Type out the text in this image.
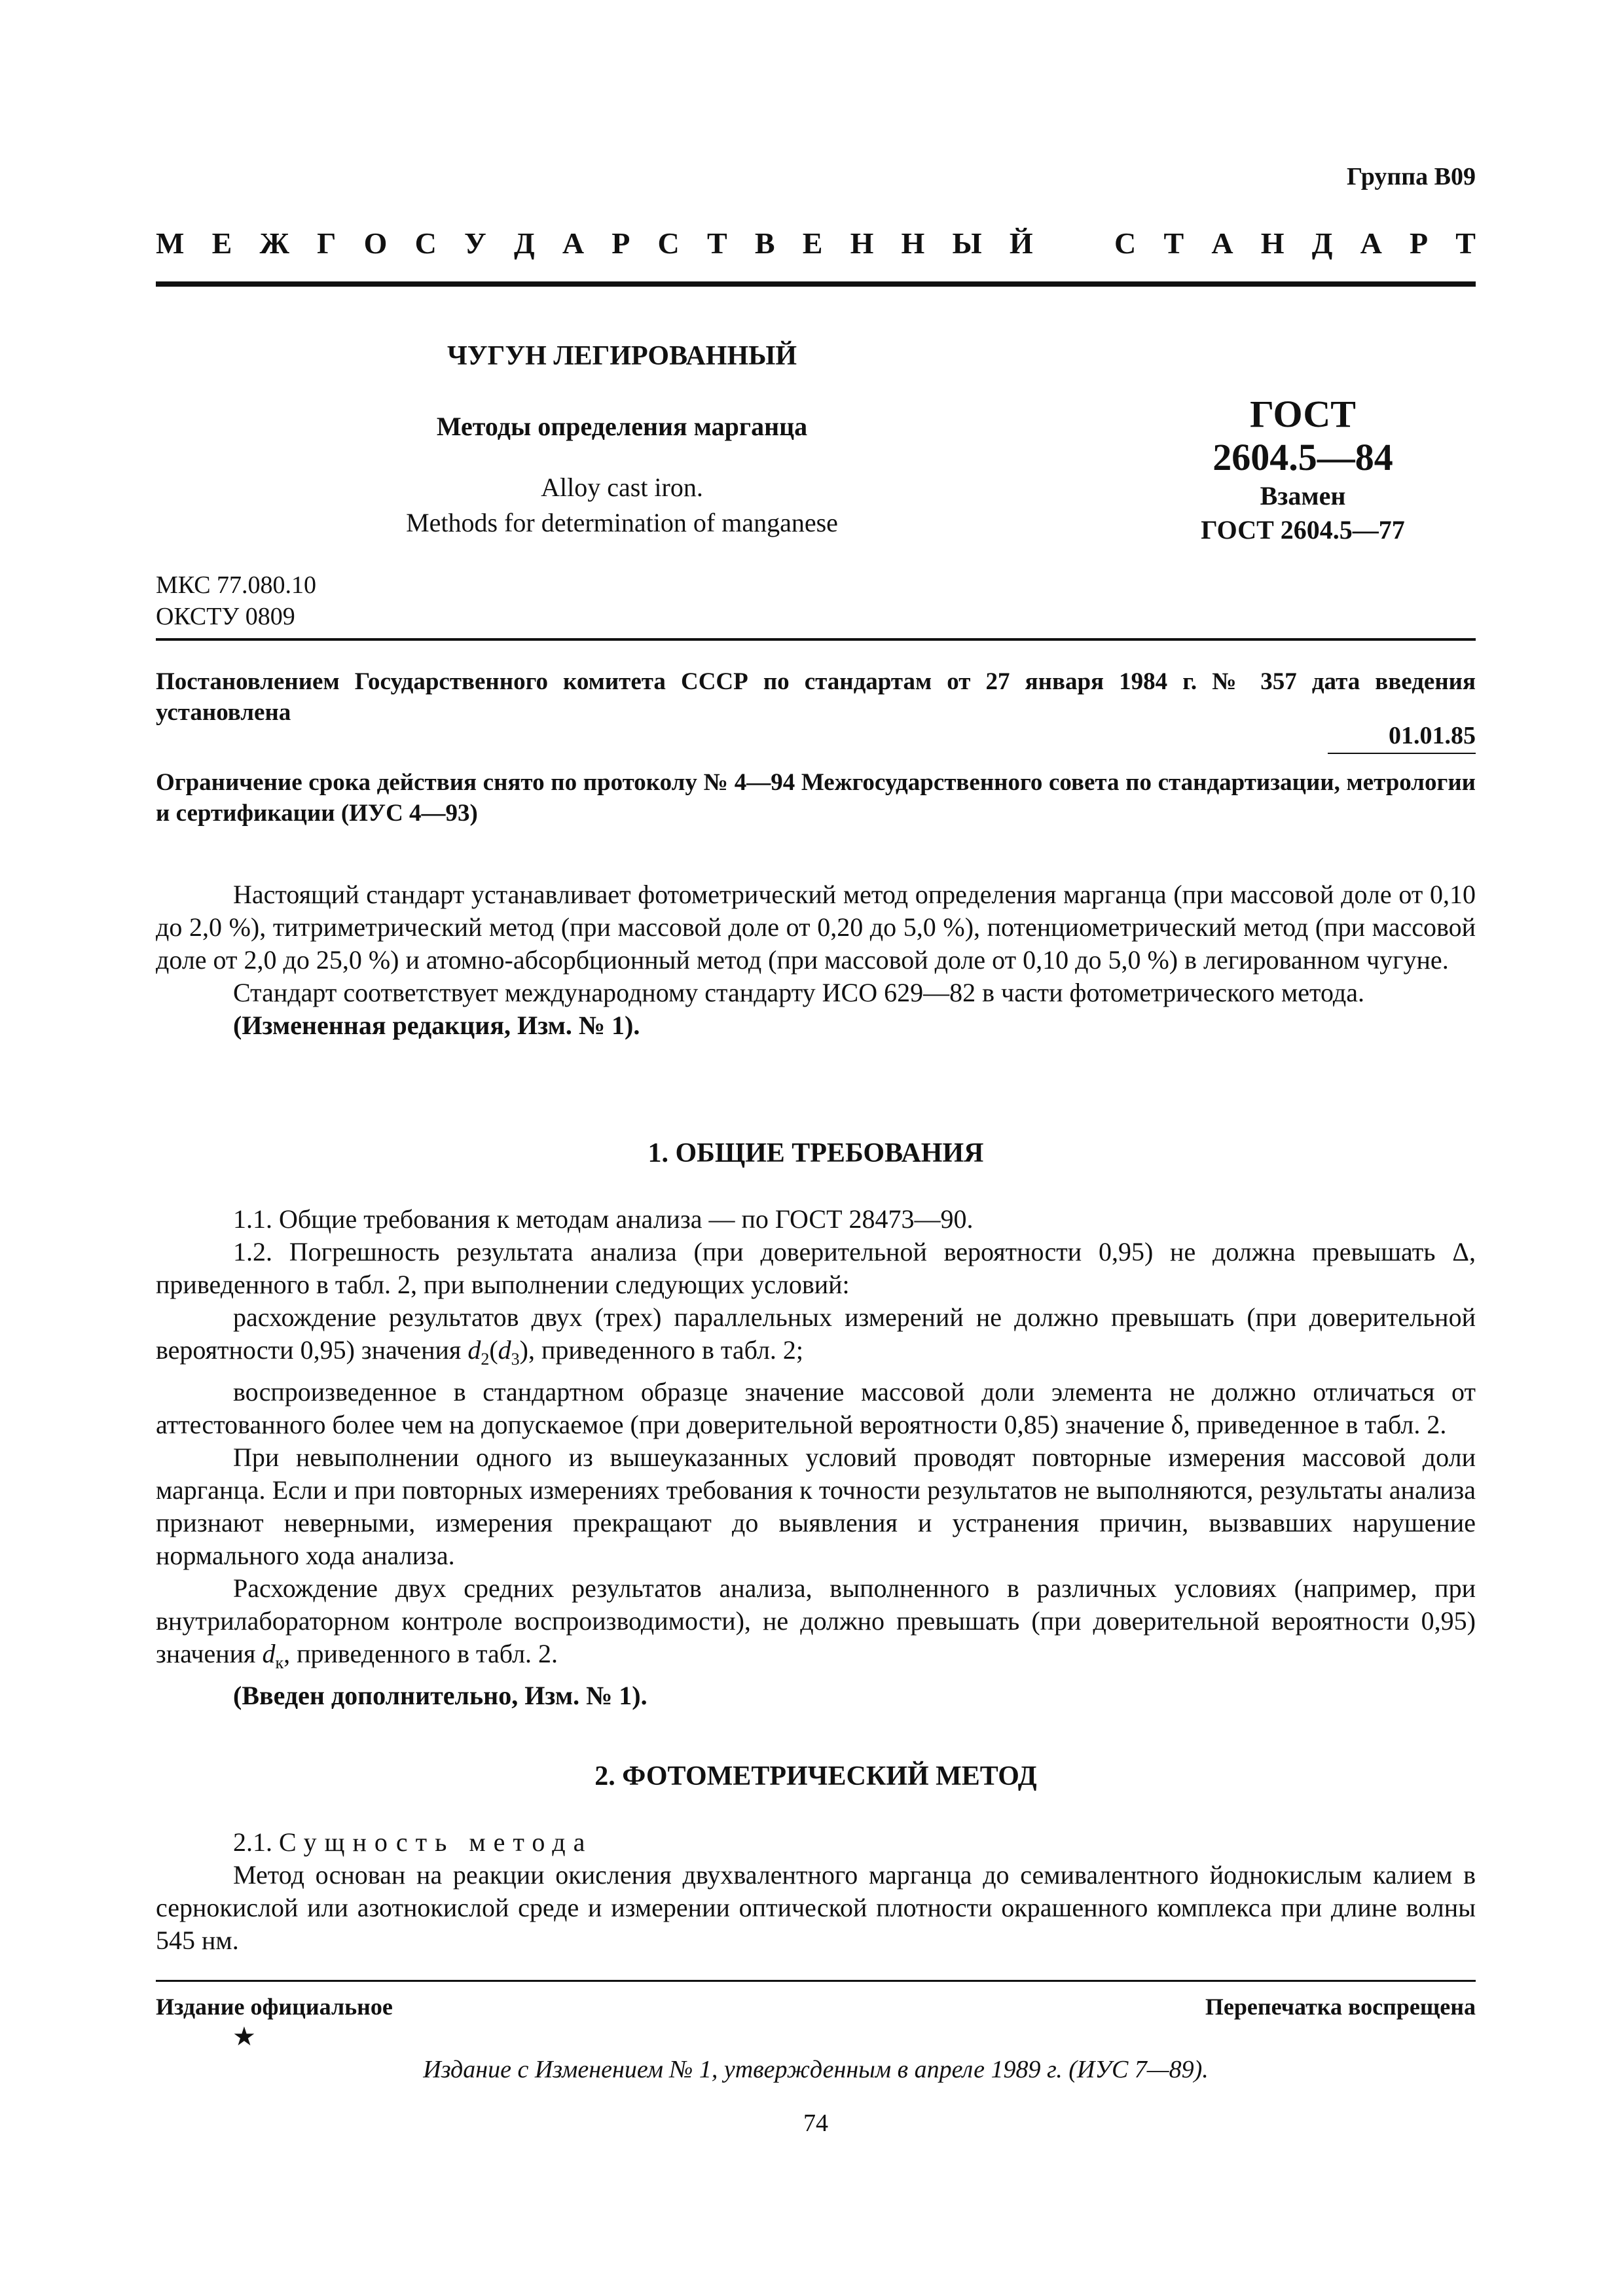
Группа В09
М Е Ж Г О С У Д А Р С Т В Е Н Н Ы Й	С Т А Н Д А Р Т
ЧУГУН ЛЕГИРОВАННЫЙ
Методы определения марганца
Alloy cast iron.
Methods for determination of manganese
ГОСТ
2604.5—84
Взамен
ГОСТ 2604.5—77
МКС 77.080.10
ОКСТУ 0809
Постановлением Государственного комитета СССР по стандартам от 27 января 1984 г. № 357 дата введения установлена
01.01.85
Ограничение срока действия снято по протоколу № 4—94 Межгосударственного совета по стандартизации, метрологии и сертификации (ИУС 4—93)
Настоящий стандарт устанавливает фотометрический метод определения марганца (при массовой доле от 0,10 до 2,0 %), титриметрический метод (при массовой доле от 0,20 до 5,0 %), потенциометрический метод (при массовой доле от 2,0 до 25,0 %) и атомно-абсорбционный метод (при массовой доле от 0,10 до 5,0 %) в легированном чугуне.
Стандарт соответствует международному стандарту ИСО 629—82 в части фотометрического метода.
(Измененная редакция, Изм. № 1).
1. ОБЩИЕ ТРЕБОВАНИЯ
1.1. Общие требования к методам анализа — по ГОСТ 28473—90.
1.2. Погрешность результата анализа (при доверительной вероятности 0,95) не должна превышать Δ, приведенного в табл. 2, при выполнении следующих условий:
расхождение результатов двух (трех) параллельных измерений не должно превышать (при доверительной вероятности 0,95) значения $d_2(d_3)$, приведенного в табл. 2;
воспроизведенное в стандартном образце значение массовой доли элемента не должно отличаться от аттестованного более чем на допускаемое (при доверительной вероятности 0,85) значение δ, приведенное в табл. 2.
При невыполнении одного из вышеуказанных условий проводят повторные измерения массовой доли марганца. Если и при повторных измерениях требования к точности результатов не выполняются, результаты анализа признают неверными, измерения прекращают до выявления и устранения причин, вызвавших нарушение нормального хода анализа.
Расхождение двух средних результатов анализа, выполненного в различных условиях (например, при внутрилабораторном контроле воспроизводимости), не должно превышать (при доверительной вероятности 0,95) значения $d_к$, приведенного в табл. 2.
(Введен дополнительно, Изм. № 1).
2. ФОТОМЕТРИЧЕСКИЙ МЕТОД
2.1. Сущность метода
Метод основан на реакции окисления двухвалентного марганца до семивалентного йоднокислым калием в сернокислой или азотнокислой среде и измерении оптической плотности окрашенного комплекса при длине волны 545 нм.
Издание официальное	Перепечатка воспрещена
★
Издание с Изменением № 1, утвержденным в апреле 1989 г. (ИУС 7—89).
74
